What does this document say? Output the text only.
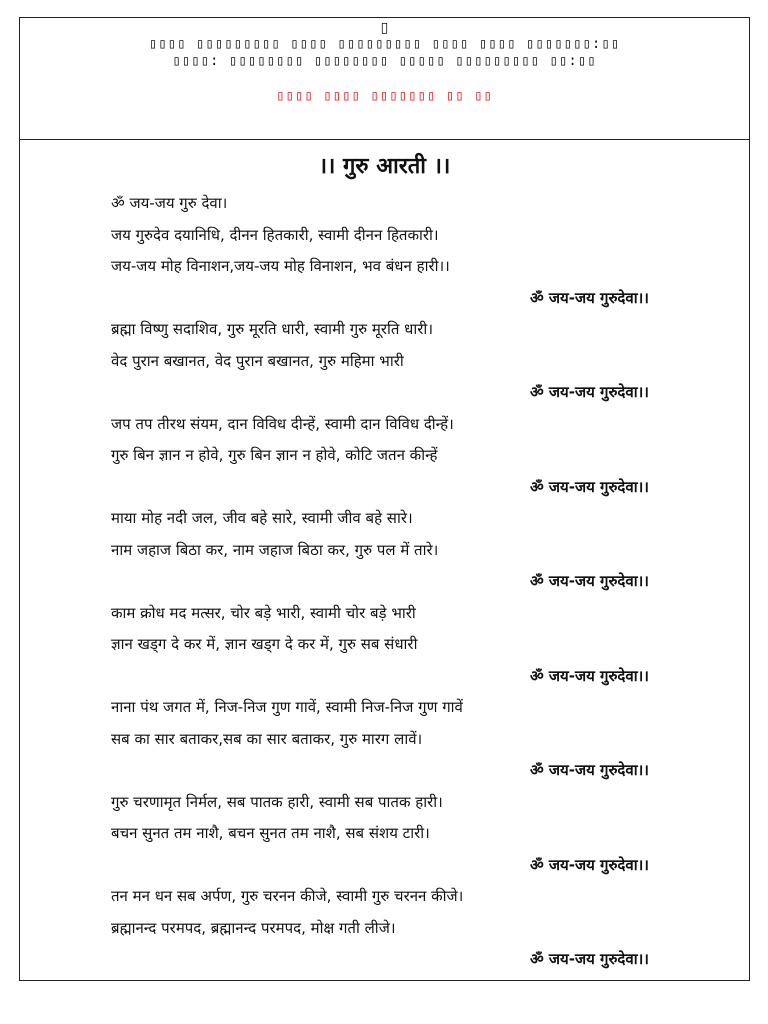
▯
▯▯▯▯ ▯▯▯▯▯▯▯▯▯ ▯▯▯▯ ▯▯▯▯▯▯▯▯▯ ▯▯▯▯ ▯▯▯▯ ▯▯▯▯▯▯▯:▯▯
▯▯▯▯: ▯▯▯▯▯▯▯▯ ▯▯▯▯▯▯▯▯ ▯▯▯▯▯ ▯▯▯▯▯▯▯▯▯ ▯▯:▯▯
▯▯▯▯ ▯▯▯▯ ▯▯▯▯▯▯▯ ▯▯ ▯▯
।। गुरु आरती ।।

ॐ जय-जय गुरु देवा।

जय गुरुदेव दयानिधि, दीनन हितकारी, स्वामी दीनन हितकारी।

जय-जय मोह विनाशन,जय-जय मोह विनाशन, भव बंधन हारी।।

ॐ जय-जय गुरुदेवा।।

ब्रह्मा विष्णु सदाशिव, गुरु मूरति धारी, स्वामी गुरु मूरति धारी।

वेद पुरान बखानत, वेद पुरान बखानत, गुरु महिमा भारी

ॐ जय-जय गुरुदेवा।।

जप तप तीरथ संयम, दान विविध दीन्हें, स्वामी दान विविध दीन्हें।

गुरु बिन ज्ञान न होवे, गुरु बिन ज्ञान न होवे, कोटि जतन कीन्हें

ॐ जय-जय गुरुदेवा।।

माया मोह नदी जल, जीव बहे सारे, स्वामी जीव बहे सारे।

नाम जहाज बिठा कर, नाम जहाज बिठा कर, गुरु पल में तारे।

ॐ जय-जय गुरुदेवा।।

काम क्रोध मद मत्सर, चोर बड़े भारी, स्वामी चोर बड़े भारी

ज्ञान खड्ग दे कर में, ज्ञान खड्ग दे कर में, गुरु सब संधारी

ॐ जय-जय गुरुदेवा।।

नाना पंथ जगत में, निज-निज गुण गावें, स्वामी निज-निज गुण गावें

सब का सार बताकर,सब का सार बताकर, गुरु मारग लावें।

ॐ जय-जय गुरुदेवा।।

गुरु चरणामृत निर्मल, सब पातक हारी, स्वामी सब पातक हारी।

बचन सुनत तम नाशै, बचन सुनत तम नाशै, सब संशय टारी।

ॐ जय-जय गुरुदेवा।।

तन मन धन सब अर्पण, गुरु चरनन कीजे, स्वामी गुरु चरनन कीजे।

ब्रह्मानन्द परमपद, ब्रह्मानन्द परमपद, मोक्ष गती लीजे।

ॐ जय-जय गुरुदेवा।।
